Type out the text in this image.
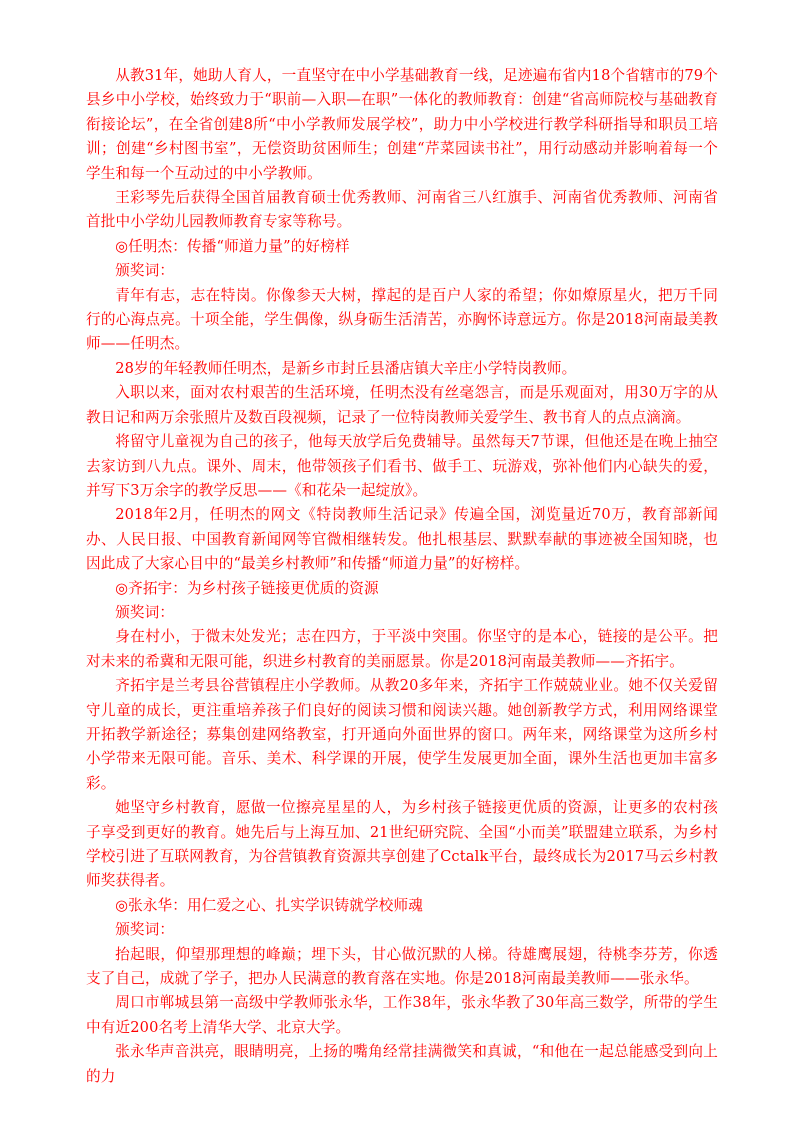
从教31年，她助人育人，一直坚守在中小学基础教育一线，足迹遍布省内18个省辖市的79个县乡中小学校，始终致力于“职前—入职—在职”一体化的教师教育：创建“省高师院校与基础教育衔接论坛”，在全省创建8所“中小学教师发展学校”，助力中小学校进行教学科研指导和职员工培训；创建“乡村图书室”，无偿资助贫困师生；创建“芹菜园读书社”，用行动感动并影响着每一个学生和每一个互动过的中小学教师。

王彩琴先后获得全国首届教育硕士优秀教师、河南省三八红旗手、河南省优秀教师、河南省首批中小学幼儿园教师教育专家等称号。

◎任明杰：传播“师道力量”的好榜样

颁奖词：

青年有志，志在特岗。你像参天大树，撑起的是百户人家的希望；你如燎原星火，把万千同行的心海点亮。十项全能，学生偶像，纵身砺生活清苦，亦胸怀诗意远方。你是2018河南最美教师——任明杰。

28岁的年轻教师任明杰，是新乡市封丘县潘店镇大辛庄小学特岗教师。

入职以来，面对农村艰苦的生活环境，任明杰没有丝毫怨言，而是乐观面对，用30万字的从教日记和两万余张照片及数百段视频，记录了一位特岗教师关爱学生、教书育人的点点滴滴。

将留守儿童视为自己的孩子，他每天放学后免费辅导。虽然每天7节课，但他还是在晚上抽空去家访到八九点。课外、周末，他带领孩子们看书、做手工、玩游戏，弥补他们内心缺失的爱，并写下3万余字的教学反思——《和花朵一起绽放》。

2018年2月，任明杰的网文《特岗教师生活记录》传遍全国，浏览量近70万，教育部新闻办、人民日报、中国教育新闻网等官微相继转发。他扎根基层、默默奉献的事迹被全国知晓，也因此成了大家心目中的“最美乡村教师”和传播“师道力量”的好榜样。

◎齐拓宇：为乡村孩子链接更优质的资源

颁奖词：

身在村小，于微末处发光；志在四方，于平淡中突围。你坚守的是本心，链接的是公平。把对未来的希冀和无限可能，织进乡村教育的美丽愿景。你是2018河南最美教师——齐拓宇。

齐拓宇是兰考县谷营镇程庄小学教师。从教20多年来，齐拓宇工作兢兢业业。她不仅关爱留守儿童的成长，更注重培养孩子们良好的阅读习惯和阅读兴趣。她创新教学方式，利用网络课堂开拓教学新途径；募集创建网络教室，打开通向外面世界的窗口。两年来，网络课堂为这所乡村小学带来无限可能。音乐、美术、科学课的开展，使学生发展更加全面，课外生活也更加丰富多彩。

她坚守乡村教育，愿做一位擦亮星星的人，为乡村孩子链接更优质的资源，让更多的农村孩子享受到更好的教育。她先后与上海互加、21世纪研究院、全国“小而美”联盟建立联系，为乡村学校引进了互联网教育，为谷营镇教育资源共享创建了Cctalk平台，最终成长为2017马云乡村教师奖获得者。

◎张永华：用仁爱之心、扎实学识铸就学校师魂

颁奖词：

抬起眼，仰望那理想的峰巅；埋下头，甘心做沉默的人梯。待雄鹰展翅，待桃李芬芳，你透支了自己，成就了学子，把办人民满意的教育落在实地。你是2018河南最美教师——张永华。

周口市郸城县第一高级中学教师张永华，工作38年，张永华教了30年高三数学，所带的学生中有近200名考上清华大学、北京大学。

张永华声音洪亮，眼睛明亮，上扬的嘴角经常挂满微笑和真诚，“和他在一起总能感受到向上的力
